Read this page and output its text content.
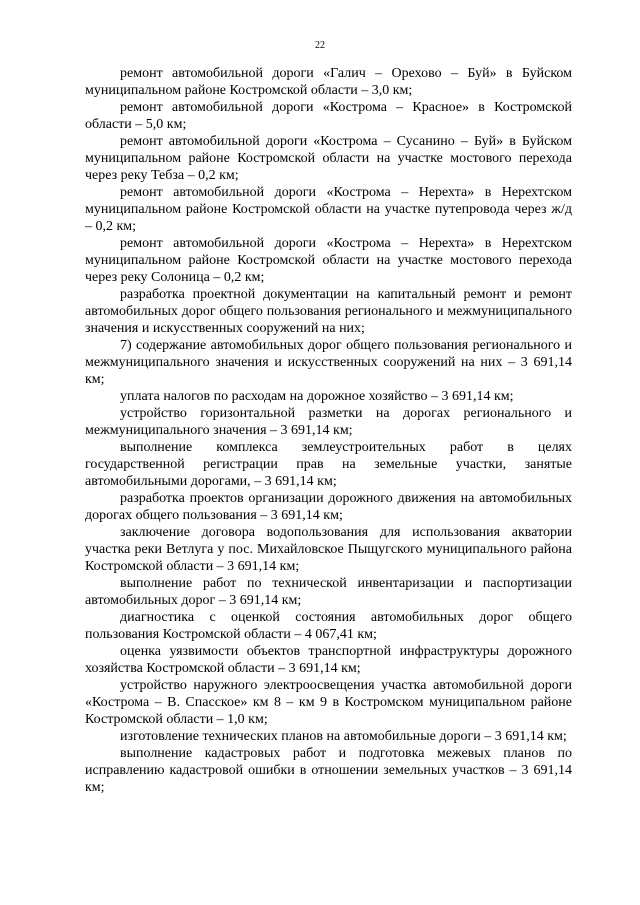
22

ремонт автомобильной дороги «Галич – Орехово – Буй» в Буйском муниципальном районе Костромской области – 3,0 км;

ремонт автомобильной дороги «Кострома – Красное» в Костромской области – 5,0 км;

ремонт автомобильной дороги «Кострома – Сусанино – Буй» в Буйском муниципальном районе Костромской области на участке мостового перехода через реку Тебза – 0,2 км;

ремонт автомобильной дороги «Кострома – Нерехта» в Нерехтском муниципальном районе Костромской области на участке путепровода через ж/д – 0,2 км;

ремонт автомобильной дороги «Кострома – Нерехта» в Нерехтском муниципальном районе Костромской области на участке мостового перехода через реку Солоница – 0,2 км;

разработка проектной документации на капитальный ремонт и ремонт автомобильных дорог общего пользования регионального и межмуниципального значения и искусственных сооружений на них;

7) содержание автомобильных дорог общего пользования регионального и межмуниципального значения и искусственных сооружений на них – 3 691,14 км;

уплата налогов по расходам на дорожное хозяйство – 3 691,14 км;

устройство горизонтальной разметки на дорогах регионального и межмуниципального значения – 3 691,14 км;

выполнение комплекса землеустроительных работ в целях государственной регистрации прав на земельные участки, занятые автомобильными дорогами, – 3 691,14 км;

разработка проектов организации дорожного движения на автомобильных дорогах общего пользования – 3 691,14 км;

заключение договора водопользования для использования акватории участка реки Ветлуга у пос. Михайловское Пыщугского муниципального района Костромской области – 3 691,14 км;

выполнение работ по технической инвентаризации и паспортизации автомобильных дорог – 3 691,14 км;

диагностика с оценкой состояния автомобильных дорог общего пользования Костромской области – 4 067,41 км;

оценка уязвимости объектов транспортной инфраструктуры дорожного хозяйства Костромской области – 3 691,14 км;

устройство наружного электроосвещения участка автомобильной дороги «Кострома – В. Спасское» км 8 – км 9 в Костромском муниципальном районе Костромской области – 1,0 км;

изготовление технических планов на автомобильные дороги – 3 691,14 км;

выполнение кадастровых работ и подготовка межевых планов по исправлению кадастровой ошибки в отношении земельных участков – 3 691,14 км;
